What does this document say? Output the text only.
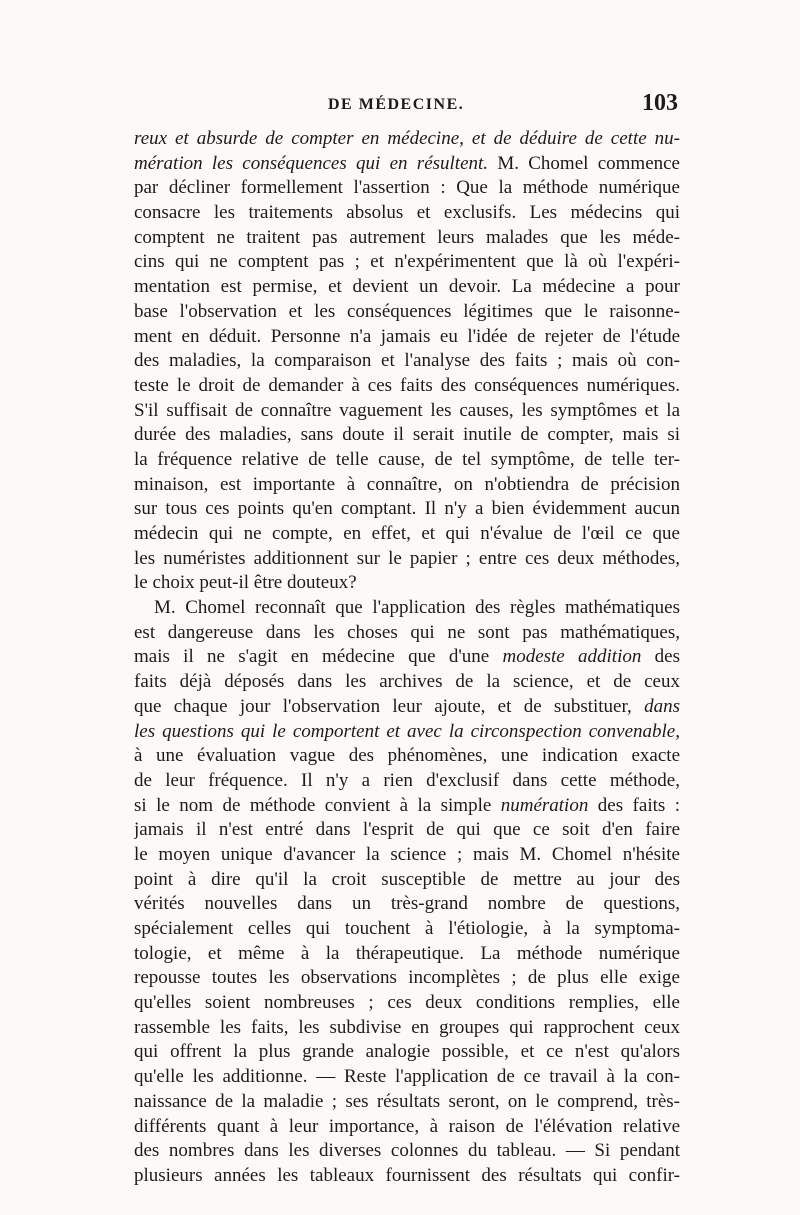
DE MÉDECINE.	103
reux et absurde de compter en médecine, et de déduire de cette nu-
mération les conséquences qui en résultent. M. Chomel commence
par décliner formellement l'assertion : Que la méthode numérique
consacre les traitements absolus et exclusifs. Les médecins qui
comptent ne traitent pas autrement leurs malades que les méde-
cins qui ne comptent pas ; et n'expérimentent que là où l'expéri-
mentation est permise, et devient un devoir. La médecine a pour
base l'observation et les conséquences légitimes que le raisonne-
ment en déduit. Personne n'a jamais eu l'idée de rejeter de l'étude
des maladies, la comparaison et l'analyse des faits ; mais où con-
teste le droit de demander à ces faits des conséquences numériques.
S'il suffisait de connaître vaguement les causes, les symptômes et la
durée des maladies, sans doute il serait inutile de compter, mais si
la fréquence relative de telle cause, de tel symptôme, de telle ter-
minaison, est importante à connaître, on n'obtiendra de précision
sur tous ces points qu'en comptant. Il n'y a bien évidemment aucun
médecin qui ne compte, en effet, et qui n'évalue de l'œil ce que
les numéristes additionnent sur le papier ; entre ces deux méthodes,
le choix peut-il être douteux?
M. Chomel reconnaît que l'application des règles mathématiques
est dangereuse dans les choses qui ne sont pas mathématiques,
mais il ne s'agit en médecine que d'une modeste addition des
faits déjà déposés dans les archives de la science, et de ceux
que chaque jour l'observation leur ajoute, et de substituer, dans
les questions qui le comportent et avec la circonspection convenable,
à une évaluation vague des phénomènes, une indication exacte
de leur fréquence. Il n'y a rien d'exclusif dans cette méthode,
si le nom de méthode convient à la simple numération des faits :
jamais il n'est entré dans l'esprit de qui que ce soit d'en faire
le moyen unique d'avancer la science ; mais M. Chomel n'hésite
point à dire qu'il la croit susceptible de mettre au jour des
vérités nouvelles dans un très-grand nombre de questions,
spécialement celles qui touchent à l'étiologie, à la symptoma-
tologie, et même à la thérapeutique. La méthode numérique
repousse toutes les observations incomplètes ; de plus elle exige
qu'elles soient nombreuses ; ces deux conditions remplies, elle
rassemble les faits, les subdivise en groupes qui rapprochent ceux
qui offrent la plus grande analogie possible, et ce n'est qu'alors
qu'elle les additionne. — Reste l'application de ce travail à la con-
naissance de la maladie ; ses résultats seront, on le comprend, très-
différents quant à leur importance, à raison de l'élévation relative
des nombres dans les diverses colonnes du tableau. — Si pendant
plusieurs années les tableaux fournissent des résultats qui confir-
